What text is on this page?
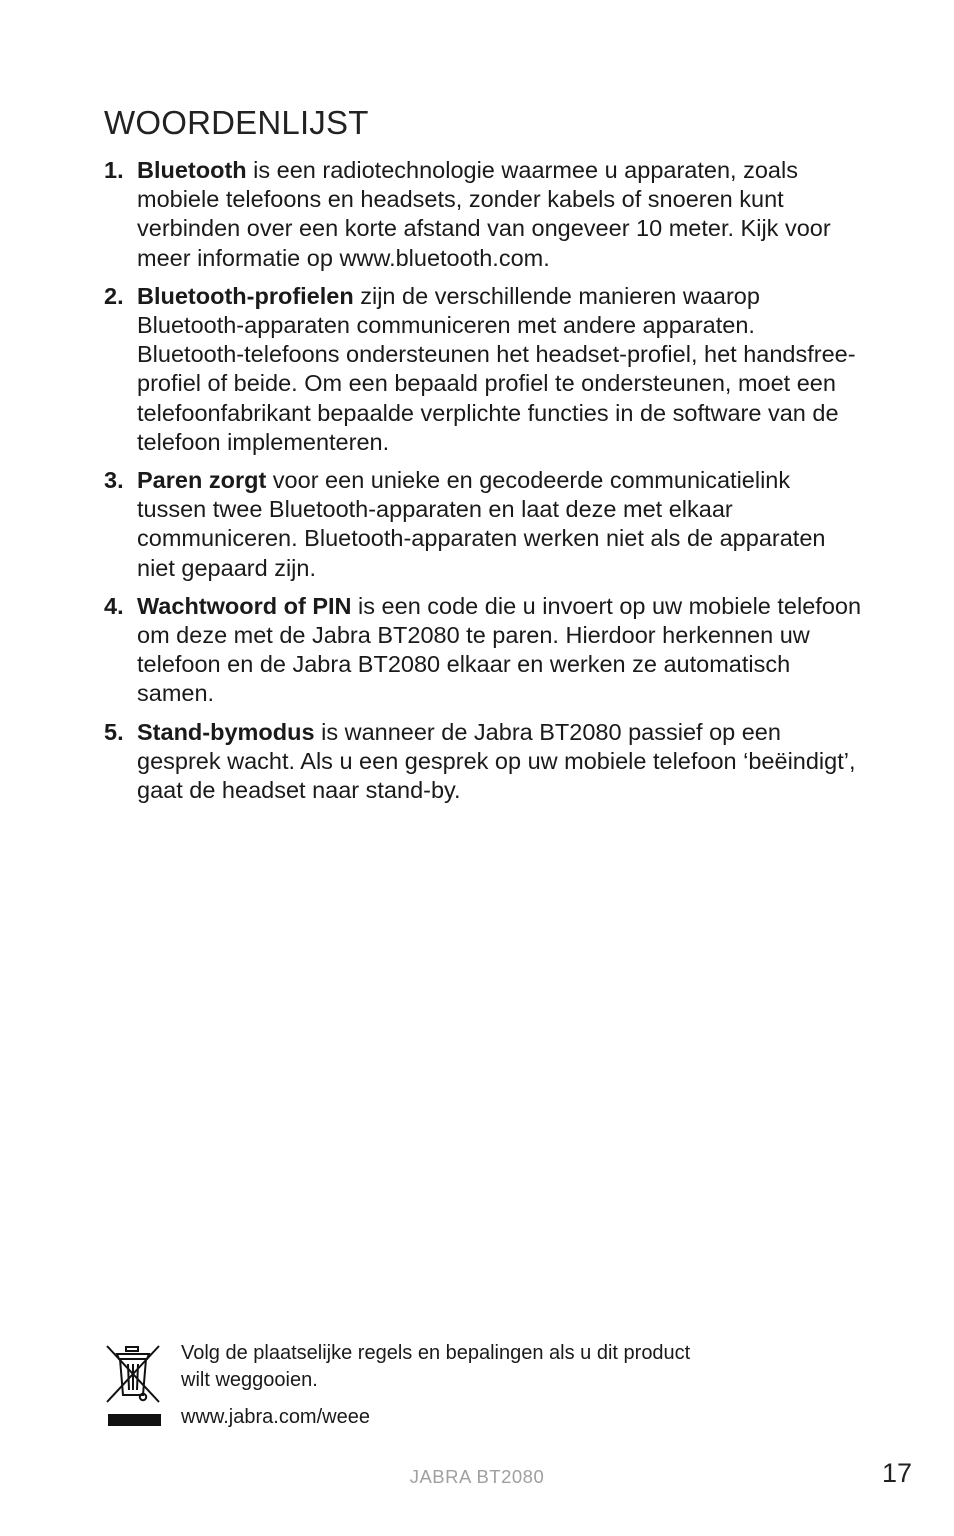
WOORDENLIJST
1. Bluetooth is een radiotechnologie waarmee u apparaten, zoals mobiele telefoons en headsets, zonder kabels of snoeren kunt verbinden over een korte afstand van ongeveer 10 meter. Kijk voor meer informatie op www.bluetooth.com.
2. Bluetooth-profielen zijn de verschillende manieren waarop Bluetooth-apparaten communiceren met andere apparaten. Bluetooth-telefoons ondersteunen het headset-profiel, het handsfree-profiel of beide. Om een bepaald profiel te ondersteunen, moet een telefoonfabrikant bepaalde verplichte functies in de software van de telefoon implementeren.
3. Paren zorgt voor een unieke en gecodeerde communicatielink tussen twee Bluetooth-apparaten en laat deze met elkaar communiceren. Bluetooth-apparaten werken niet als de apparaten niet gepaard zijn.
4. Wachtwoord of PIN is een code die u invoert op uw mobiele telefoon om deze met de Jabra BT2080 te paren. Hierdoor herkennen uw telefoon en de Jabra BT2080 elkaar en werken ze automatisch samen.
5. Stand-bymodus is wanneer de Jabra BT2080 passief op een gesprek wacht. Als u een gesprek op uw mobiele telefoon ‘beëindigt’, gaat de headset naar stand-by.
Volg de plaatselijke regels en bepalingen als u dit product wilt weggooien.
www.jabra.com/weee
JABRA BT2080	17
